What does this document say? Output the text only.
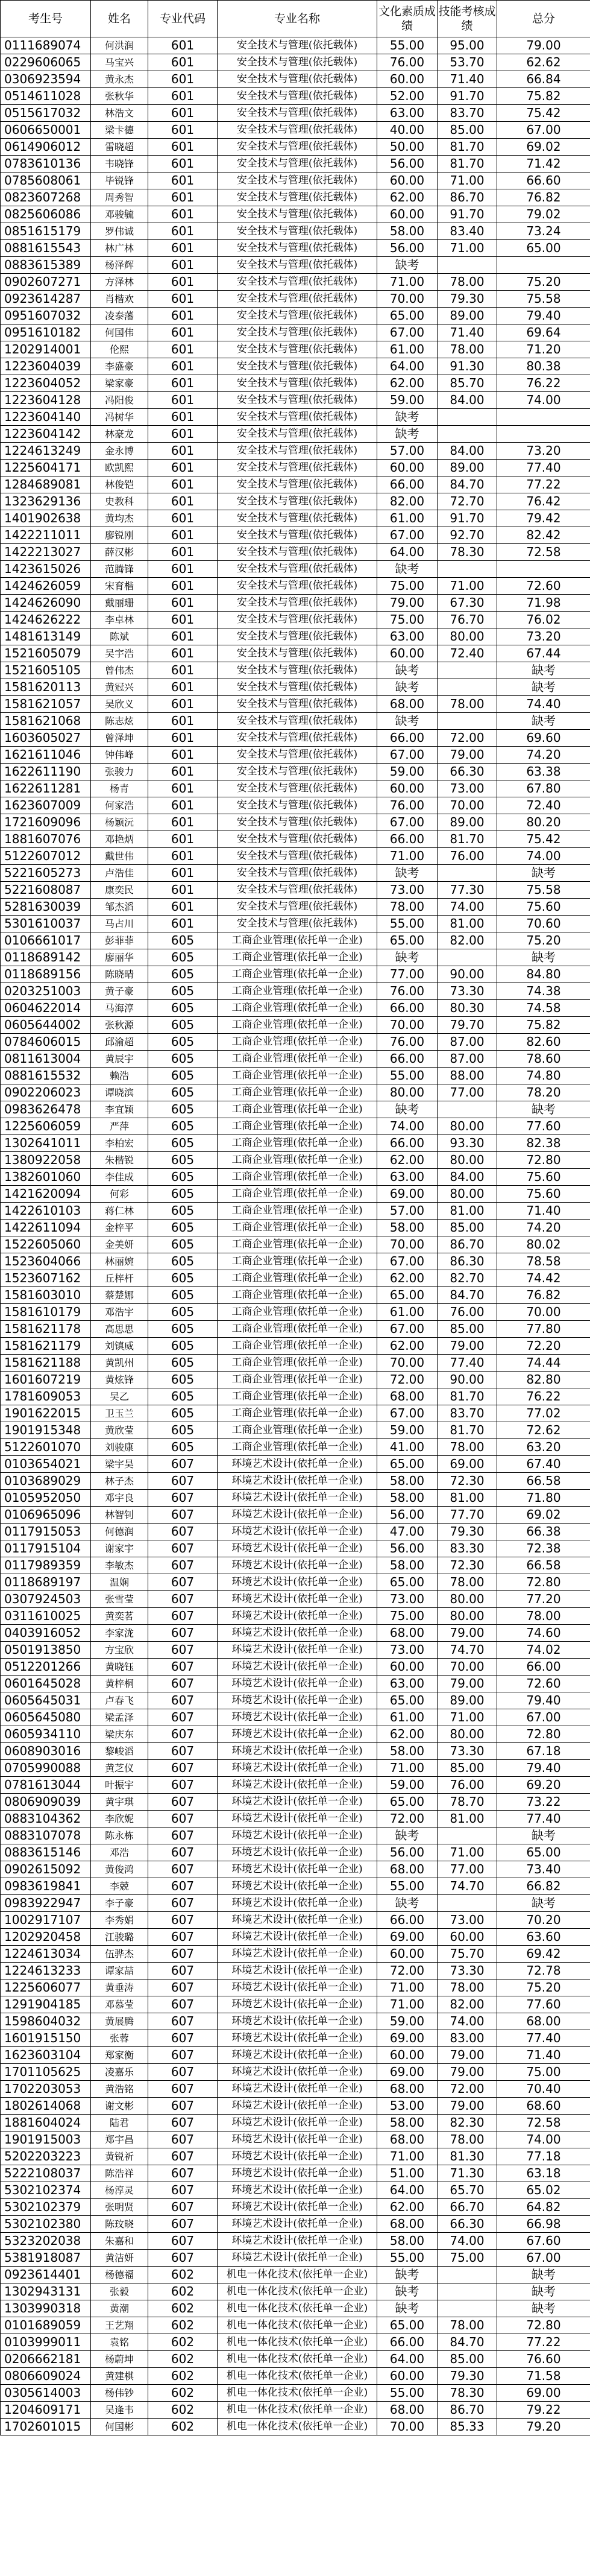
考生号	姓名	专业代码	专业名称	文化素质成绩	技能考核成绩	总分
0111689074	何洪润	601	安全技术与管理(依托载体)	55.00	95.00	79.00
0229606065	马宝兴	601	安全技术与管理(依托载体)	76.00	53.70	62.62
0306923594	黄永杰	601	安全技术与管理(依托载体)	60.00	71.40	66.84
0514611028	张秋华	601	安全技术与管理(依托载体)	52.00	91.70	75.82
0515617032	林浩文	601	安全技术与管理(依托载体)	63.00	83.70	75.42
0606650001	梁卡德	601	安全技术与管理(依托载体)	40.00	85.00	67.00
0614906012	雷晓超	601	安全技术与管理(依托载体)	50.00	81.70	69.02
0783610136	韦晓锋	601	安全技术与管理(依托载体)	56.00	81.70	71.42
0785608061	毕锐锋	601	安全技术与管理(依托载体)	60.00	71.00	66.60
0823607268	周秀智	601	安全技术与管理(依托载体)	62.00	86.70	76.82
0825606086	邓骏毓	601	安全技术与管理(依托载体)	60.00	91.70	79.02
0851615179	罗伟诚	601	安全技术与管理(依托载体)	58.00	83.40	73.24
0881615543	林广林	601	安全技术与管理(依托载体)	56.00	71.00	65.00
0883615389	杨泽辉	601	安全技术与管理(依托载体)	缺考		
0902607271	方泽林	601	安全技术与管理(依托载体)	71.00	78.00	75.20
0923614287	肖楷欢	601	安全技术与管理(依托载体)	70.00	79.30	75.58
0951607032	凌泰藩	601	安全技术与管理(依托载体)	65.00	89.00	79.40
0951610182	何国伟	601	安全技术与管理(依托载体)	67.00	71.40	69.64
1202914001	伦熙	601	安全技术与管理(依托载体)	61.00	78.00	71.20
1223604039	李盛豪	601	安全技术与管理(依托载体)	64.00	91.30	80.38
1223604052	梁家豪	601	安全技术与管理(依托载体)	62.00	85.70	76.22
1223604128	冯阳俊	601	安全技术与管理(依托载体)	59.00	84.00	74.00
1223604140	冯树华	601	安全技术与管理(依托载体)	缺考		
1223604142	林豪龙	601	安全技术与管理(依托载体)	缺考		
1224613249	金永博	601	安全技术与管理(依托载体)	57.00	84.00	73.20
1225604171	欧凯熙	601	安全技术与管理(依托载体)	60.00	89.00	77.40
1284689081	林俊铠	601	安全技术与管理(依托载体)	66.00	84.70	77.22
1323629136	史教科	601	安全技术与管理(依托载体)	82.00	72.70	76.42
1401902638	黄均杰	601	安全技术与管理(依托载体)	61.00	91.70	79.42
1422211011	廖锐刚	601	安全技术与管理(依托载体)	67.00	92.70	82.42
1422213027	薛汉彬	601	安全技术与管理(依托载体)	64.00	78.30	72.58
1423615026	范腾锋	601	安全技术与管理(依托载体)	缺考		
1424626059	宋育楷	601	安全技术与管理(依托载体)	75.00	71.00	72.60
1424626090	戴丽珊	601	安全技术与管理(依托载体)	79.00	67.30	71.98
1424626222	李卓林	601	安全技术与管理(依托载体)	75.00	76.70	76.02
1481613149	陈斌	601	安全技术与管理(依托载体)	63.00	80.00	73.20
1521605079	吴宇浩	601	安全技术与管理(依托载体)	60.00	72.40	67.44
1521605105	曾伟杰	601	安全技术与管理(依托载体)	缺考		缺考
1581620113	黄冠兴	601	安全技术与管理(依托载体)	缺考		缺考
1581621057	吴欣义	601	安全技术与管理(依托载体)	68.00	78.00	74.40
1581621068	陈志炫	601	安全技术与管理(依托载体)	缺考		缺考
1603605027	曾泽坤	601	安全技术与管理(依托载体)	66.00	72.00	69.60
1621611046	钟伟峰	601	安全技术与管理(依托载体)	67.00	79.00	74.20
1622611190	张骏力	601	安全技术与管理(依托载体)	59.00	66.30	63.38
1622611281	杨青	601	安全技术与管理(依托载体)	60.00	73.00	67.80
1623607009	何家浩	601	安全技术与管理(依托载体)	76.00	70.00	72.40
1721609096	杨颖沅	601	安全技术与管理(依托载体)	67.00	89.00	80.20
1881607076	邓艳炳	601	安全技术与管理(依托载体)	66.00	81.70	75.42
5122607012	戴世伟	601	安全技术与管理(依托载体)	71.00	76.00	74.00
5221605273	卢浩佳	601	安全技术与管理(依托载体)	缺考		缺考
5221608087	康奕民	601	安全技术与管理(依托载体)	73.00	77.30	75.58
5281630039	邹杰滔	601	安全技术与管理(依托载体)	78.00	74.00	75.60
5301610037	马占川	601	安全技术与管理(依托载体)	55.00	81.00	70.60
0106661017	彭菲菲	605	工商企业管理(依托单一企业)	65.00	82.00	75.20
0118689142	廖丽华	605	工商企业管理(依托单一企业)	缺考		缺考
0118689156	陈晓晴	605	工商企业管理(依托单一企业)	77.00	90.00	84.80
0203251003	黄子豪	605	工商企业管理(依托单一企业)	76.00	73.30	74.38
0604622014	马海淳	605	工商企业管理(依托单一企业)	66.00	80.30	74.58
0605644002	张秋源	605	工商企业管理(依托单一企业)	70.00	79.70	75.82
0784606015	邱渝超	605	工商企业管理(依托单一企业)	76.00	87.00	82.60
0811613004	黄辰宇	605	工商企业管理(依托单一企业)	66.00	87.00	78.60
0881615532	赖浩	605	工商企业管理(依托单一企业)	55.00	88.00	74.80
0902206023	谭晓滨	605	工商企业管理(依托单一企业)	80.00	77.00	78.20
0983626478	李宜颖	605	工商企业管理(依托单一企业)	缺考		缺考
1225606059	严萍	605	工商企业管理(依托单一企业)	74.00	80.00	77.60
1302641011	李柏宏	605	工商企业管理(依托单一企业)	66.00	93.30	82.38
1380922058	朱楷锐	605	工商企业管理(依托单一企业)	62.00	80.00	72.80
1382601060	李佳成	605	工商企业管理(依托单一企业)	63.00	84.00	75.60
1421620094	何彩	605	工商企业管理(依托单一企业)	69.00	80.00	75.60
1422610103	蒋仁林	605	工商企业管理(依托单一企业)	57.00	81.00	71.40
1422611094	金梓平	605	工商企业管理(依托单一企业)	58.00	85.00	74.20
1522605060	金美妍	605	工商企业管理(依托单一企业)	70.00	86.70	80.02
1523604066	林丽婉	605	工商企业管理(依托单一企业)	67.00	86.30	78.58
1523607162	丘梓杆	605	工商企业管理(依托单一企业)	62.00	82.70	74.42
1581603010	蔡楚娜	605	工商企业管理(依托单一企业)	65.00	84.70	76.82
1581610179	邓浩宇	605	工商企业管理(依托单一企业)	61.00	76.00	70.00
1581621178	高思思	605	工商企业管理(依托单一企业)	67.00	85.00	77.80
1581621179	刘镇威	605	工商企业管理(依托单一企业)	62.00	79.00	72.20
1581621188	黄凯州	605	工商企业管理(依托单一企业)	70.00	77.40	74.44
1601607219	黄炫锋	605	工商企业管理(依托单一企业)	72.00	90.00	82.80
1781609053	吴乙	605	工商企业管理(依托单一企业)	68.00	81.70	76.22
1901622015	卫玉兰	605	工商企业管理(依托单一企业)	67.00	83.70	77.02
1901915348	黄欣莹	605	工商企业管理(依托单一企业)	59.00	81.70	72.62
5122601070	刘骏康	605	工商企业管理(依托单一企业)	41.00	78.00	63.20
0103654021	梁宇昊	607	环境艺术设计(依托单一企业)	65.00	69.00	67.40
0103689029	林子杰	607	环境艺术设计(依托单一企业)	58.00	72.30	66.58
0105952050	邓宇良	607	环境艺术设计(依托单一企业)	58.00	81.00	71.80
0106965096	林智钊	607	环境艺术设计(依托单一企业)	56.00	77.70	69.02
0117915053	何德润	607	环境艺术设计(依托单一企业)	47.00	79.30	66.38
0117915104	谢家宇	607	环境艺术设计(依托单一企业)	56.00	83.30	72.38
0117989359	李敏杰	607	环境艺术设计(依托单一企业)	58.00	72.30	66.58
0118689197	温娴	607	环境艺术设计(依托单一企业)	65.00	78.00	72.80
0307924503	张雪莹	607	环境艺术设计(依托单一企业)	73.00	80.00	77.20
0311610025	黄奕茗	607	环境艺术设计(依托单一企业)	75.00	80.00	78.00
0403916052	李家泷	607	环境艺术设计(依托单一企业)	68.00	79.00	74.60
0501913850	方宝欣	607	环境艺术设计(依托单一企业)	73.00	74.70	74.02
0512201266	黄晓钰	607	环境艺术设计(依托单一企业)	60.00	70.00	66.00
0601645028	黄梓桐	607	环境艺术设计(依托单一企业)	63.00	79.00	72.60
0605645031	卢春飞	607	环境艺术设计(依托单一企业)	65.00	89.00	79.40
0605645080	梁孟泽	607	环境艺术设计(依托单一企业)	61.00	71.00	67.00
0605934110	梁庆东	607	环境艺术设计(依托单一企业)	62.00	80.00	72.80
0608903016	黎峻滔	607	环境艺术设计(依托单一企业)	58.00	73.30	67.18
0705990088	黄芝仪	607	环境艺术设计(依托单一企业)	71.00	85.00	79.40
0781613044	叶振宇	607	环境艺术设计(依托单一企业)	59.00	76.00	69.20
0806909039	黄宇琪	607	环境艺术设计(依托单一企业)	65.00	78.70	73.22
0883104362	李欣妮	607	环境艺术设计(依托单一企业)	72.00	81.00	77.40
0883107078	陈永栋	607	环境艺术设计(依托单一企业)	缺考		缺考
0883615146	邓浩	607	环境艺术设计(依托单一企业)	56.00	71.00	65.00
0902615092	黄俊鸿	607	环境艺术设计(依托单一企业)	68.00	77.00	73.40
0983619841	李兢	607	环境艺术设计(依托单一企业)	55.00	74.70	66.82
0983922947	李子豪	607	环境艺术设计(依托单一企业)	缺考		缺考
1002917107	李秀娟	607	环境艺术设计(依托单一企业)	66.00	73.00	70.20
1202920458	江骏璐	607	环境艺术设计(依托单一企业)	69.00	60.00	63.60
1224613034	伍骅杰	607	环境艺术设计(依托单一企业)	60.00	75.70	69.42
1224613233	谭家喆	607	环境艺术设计(依托单一企业)	72.00	73.30	72.78
1225606077	黄垂涛	607	环境艺术设计(依托单一企业)	71.00	78.00	75.20
1291904185	邓慕莹	607	环境艺术设计(依托单一企业)	71.00	82.00	77.60
1598604032	黄展腾	607	环境艺术设计(依托单一企业)	59.00	74.00	68.00
1601915150	张蓉	607	环境艺术设计(依托单一企业)	69.00	83.00	77.40
1623603104	郑家衡	607	环境艺术设计(依托单一企业)	60.00	79.00	71.40
1701105625	凌嘉乐	607	环境艺术设计(依托单一企业)	69.00	79.00	75.00
1702203053	黄浩铭	607	环境艺术设计(依托单一企业)	68.00	72.00	70.40
1802614068	谢文彬	607	环境艺术设计(依托单一企业)	53.00	79.00	68.60
1881604024	陆君	607	环境艺术设计(依托单一企业)	58.00	82.30	72.58
1901915003	郑宇昌	607	环境艺术设计(依托单一企业)	68.00	78.00	74.00
5202203223	黄锐祈	607	环境艺术设计(依托单一企业)	71.00	81.30	77.18
5222108037	陈浩祥	607	环境艺术设计(依托单一企业)	51.00	71.30	63.18
5302102374	杨淳灵	607	环境艺术设计(依托单一企业)	64.00	65.70	65.02
5302102379	张明贤	607	环境艺术设计(依托单一企业)	62.00	66.70	64.82
5302102380	陈玟晓	607	环境艺术设计(依托单一企业)	68.00	66.30	66.98
5323202038	朱嘉和	607	环境艺术设计(依托单一企业)	58.00	74.00	67.60
5381918087	黄洁妍	607	环境艺术设计(依托单一企业)	55.00	75.00	67.00
0923614401	杨德福	602	机电一体化技术(依托单一企业)	缺考		缺考
1302943131	张毅	602	机电一体化技术(依托单一企业)	缺考		缺考
1303990318	黄潮	602	机电一体化技术(依托单一企业)	缺考		缺考
0101689059	王艺翔	602	机电一体化技术(依托单一企业)	65.00	78.00	72.80
0103999011	袁铭	602	机电一体化技术(依托单一企业)	66.00	84.70	77.22
0206662181	杨蔚坤	602	机电一体化技术(依托单一企业)	64.00	85.00	76.60
0806609024	黄建棋	602	机电一体化技术(依托单一企业)	60.00	79.30	71.58
0305614003	杨伟钞	602	机电一体化技术(依托单一企业)	55.00	78.30	69.00
1204609171	吴逢韦	602	机电一体化技术(依托单一企业)	68.00	86.70	79.22
1702601015	何国彬	602	机电一体化技术(依托单一企业)	70.00	85.33	79.20
